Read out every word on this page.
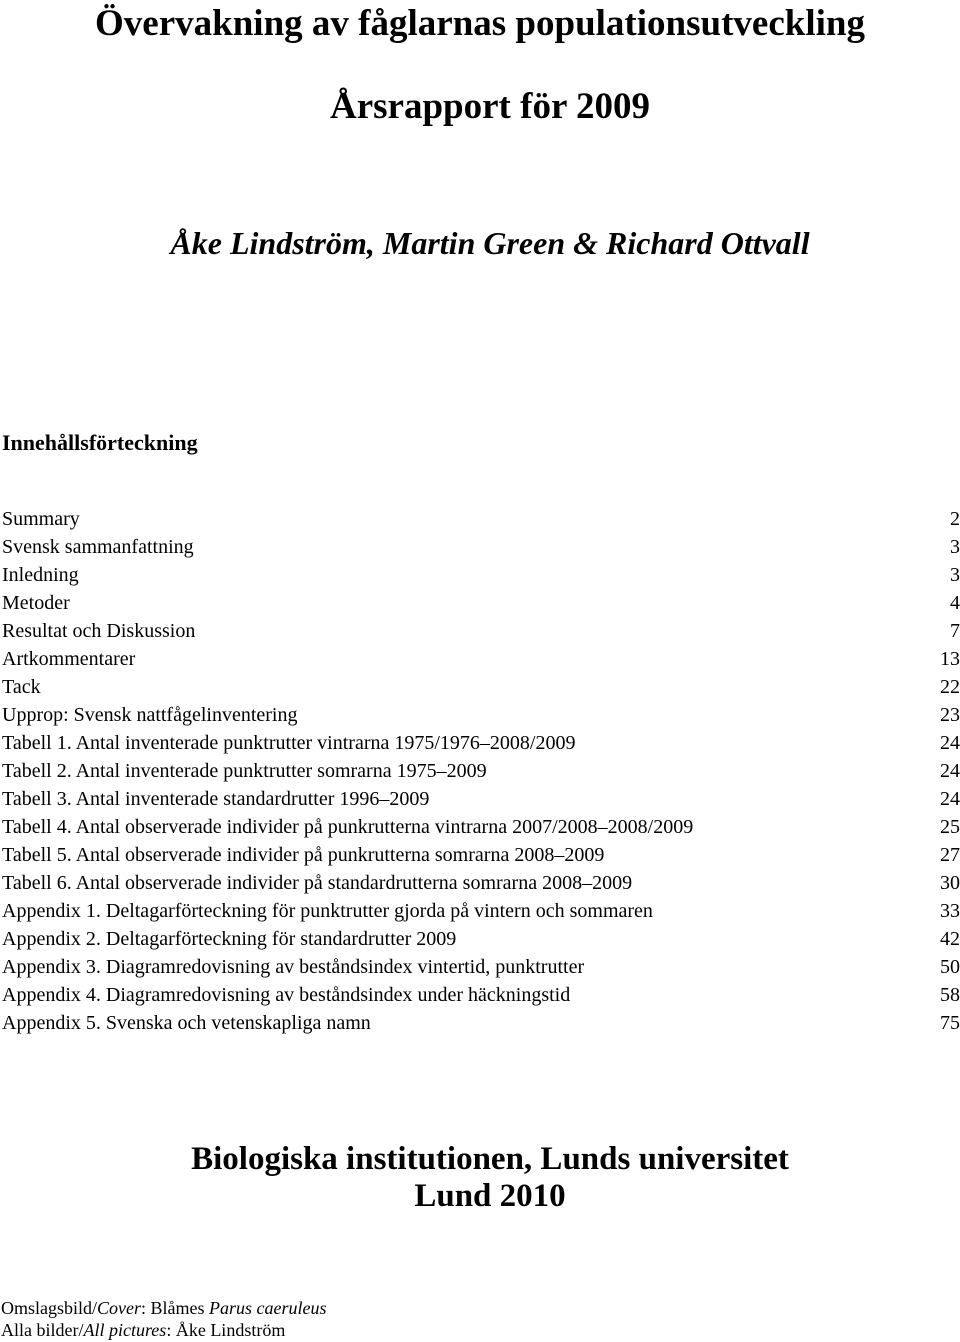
Övervakning av fåglarnas populationsutveckling
Årsrapport för 2009
Åke Lindström, Martin Green & Richard Ottvall
Innehållsförteckning
Summary	2
Svensk sammanfattning	3
Inledning	3
Metoder	4
Resultat och Diskussion	7
Artkommentarer	13
Tack	22
Upprop: Svensk nattfågelinventering	23
Tabell 1. Antal inventerade punktrutter vintrarna 1975/1976–2008/2009	24
Tabell 2. Antal inventerade punktrutter somrarna 1975–2009	24
Tabell 3. Antal inventerade standardrutter 1996–2009	24
Tabell 4. Antal observerade individer på punkrutterna vintrarna 2007/2008–2008/2009	25
Tabell 5. Antal observerade individer på punkrutterna somrarna 2008–2009	27
Tabell 6. Antal observerade individer på standardrutterna somrarna 2008–2009	30
Appendix 1. Deltagarförteckning för punktrutter gjorda på vintern och sommaren	33
Appendix 2. Deltagarförteckning för standardrutter 2009	42
Appendix 3. Diagramredovisning av beståndsindex vintertid, punktrutter	50
Appendix 4. Diagramredovisning av beståndsindex under häckningstid	58
Appendix 5. Svenska och vetenskapliga namn	75
Biologiska institutionen, Lunds universitet
Lund 2010
Omslagsbild/Cover: Blåmes Parus caeruleus
Alla bilder/All pictures: Åke Lindström
